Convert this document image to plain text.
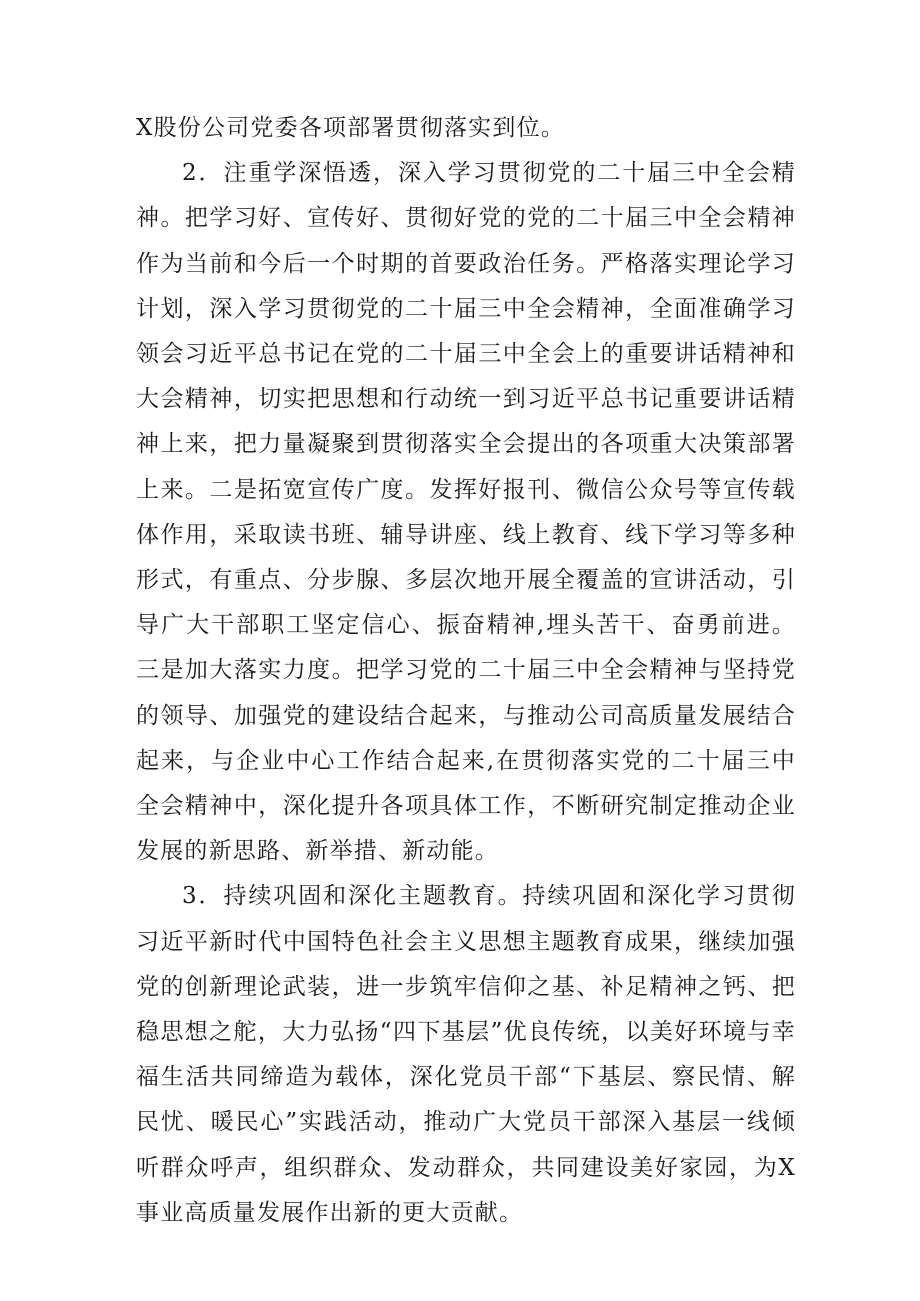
X股份公司党委各项部署贯彻落实到位。

2．注重学深悟透，深入学习贯彻党的二十届三中全会精神。把学习好、宣传好、贯彻好党的党的二十届三中全会精神作为当前和今后一个时期的首要政治任务。严格落实理论学习计划，深入学习贯彻党的二十届三中全会精神，全面准确学习领会习近平总书记在党的二十届三中全会上的重要讲话精神和大会精神，切实把思想和行动统一到习近平总书记重要讲话精神上来，把力量凝聚到贯彻落实全会提出的各项重大决策部署上来。二是拓宽宣传广度。发挥好报刊、微信公众号等宣传载体作用，采取读书班、辅导讲座、线上教育、线下学习等多种形式，有重点、分步腺、多层次地开展全覆盖的宣讲活动，引导广大干部职工坚定信心、振奋精神,埋头苦干、奋勇前进。三是加大落实力度。把学习党的二十届三中全会精神与坚持党的领导、加强党的建设结合起来，与推动公司高质量发展结合起来，与企业中心工作结合起来,在贯彻落实党的二十届三中全会精神中，深化提升各项具体工作，不断研究制定推动企业发展的新思路、新举措、新动能。

3．持续巩固和深化主题教育。持续巩固和深化学习贯彻习近平新时代中国特色社会主义思想主题教育成果，继续加强党的创新理论武装，进一步筑牢信仰之基、补足精神之钙、把稳思想之舵，大力弘扬“四下基层”优良传统，以美好环境与幸福生活共同缔造为载体，深化党员干部“下基层、察民情、解民忧、暖民心”实践活动，推动广大党员干部深入基层一线倾听群众呼声，组织群众、发动群众，共同建设美好家园，为X事业高质量发展作出新的更大贡献。
